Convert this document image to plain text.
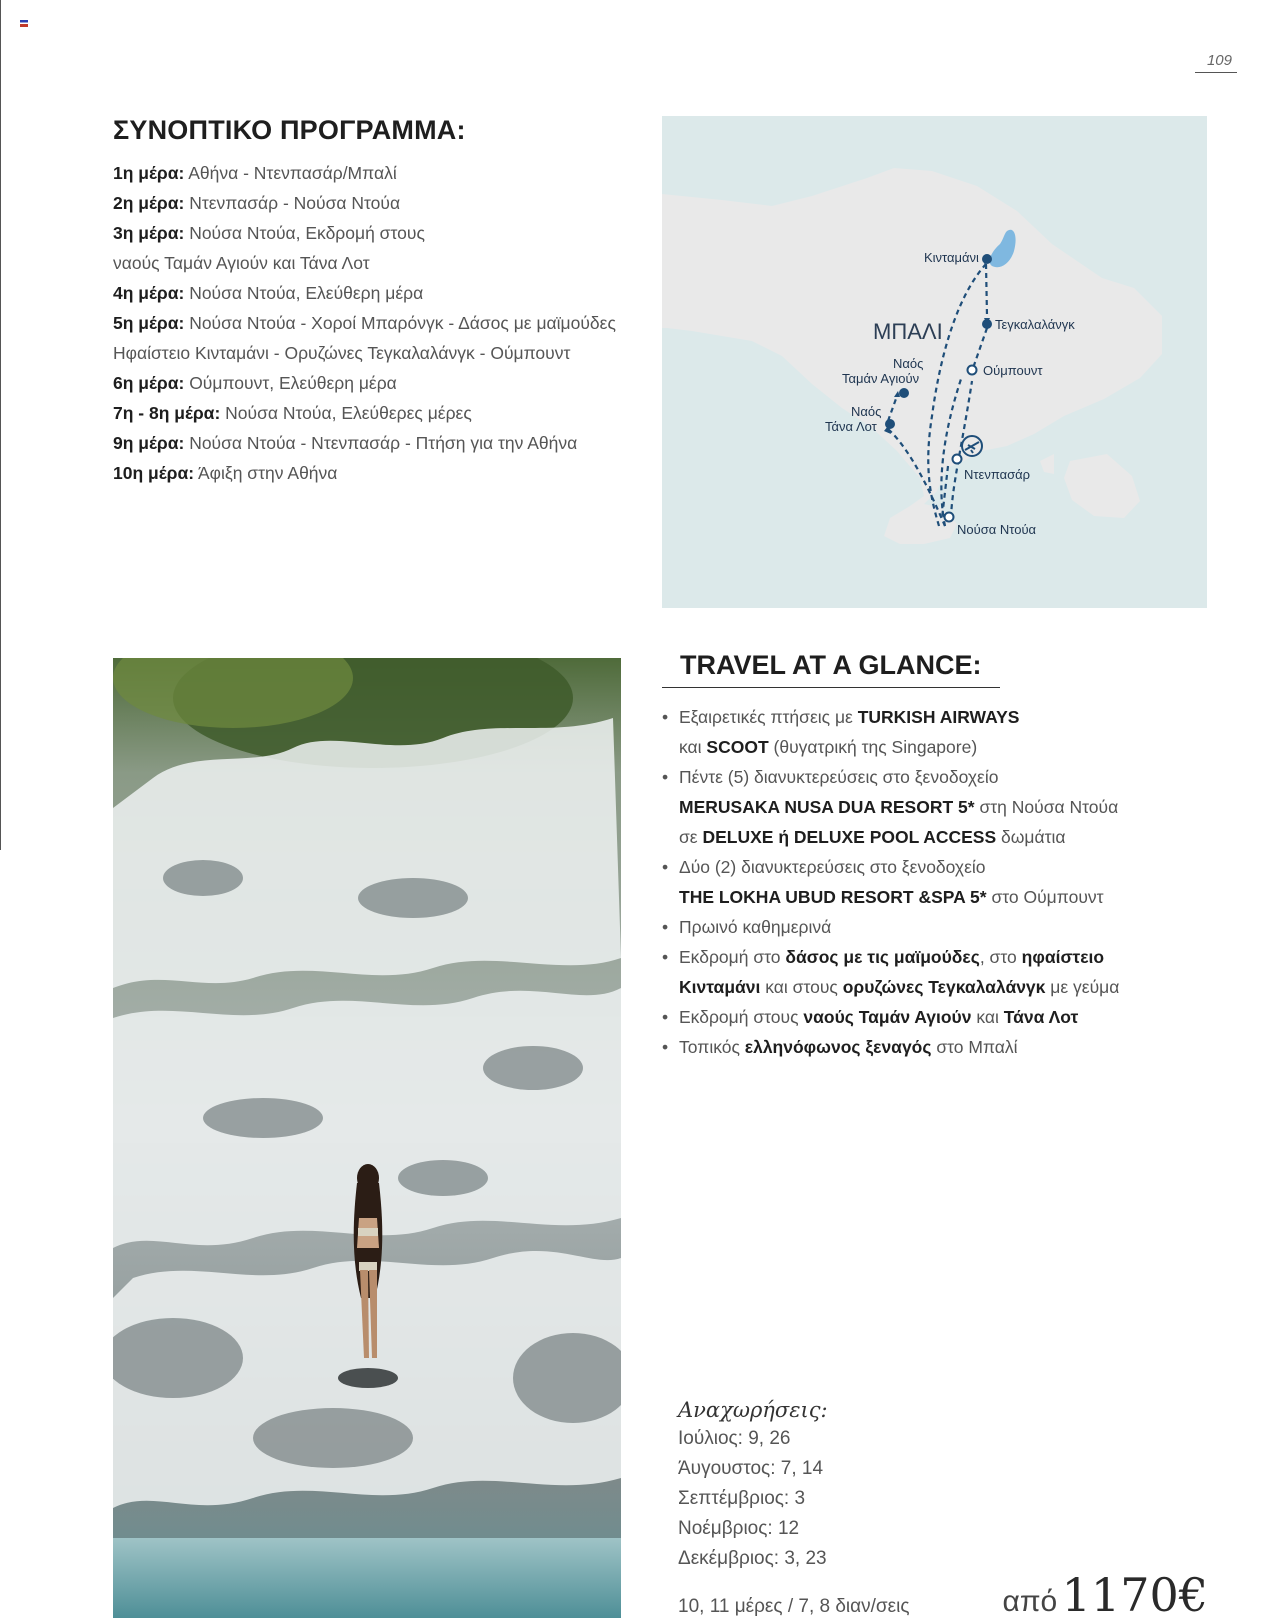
109
ΣΥΝΟΠΤΙΚΟ ΠΡΟΓΡΑΜΜΑ:
1η μέρα: Αθήνα - Ντενπασάρ/Μπαλί
2η μέρα: Ντενπασάρ - Νούσα Ντούα
3η μέρα: Νούσα Ντούα, Εκδρομή στους
ναούς Ταμάν Αγιούν και Τάνα Λοτ
4η μέρα: Νούσα Ντούα, Ελεύθερη μέρα
5η μέρα: Νούσα Ντούα - Χοροί Μπαρόνγκ - Δάσος με μαϊμούδες
Ηφαίστειο Κινταμάνι - Ορυζώνες Τεγκαλαλάνγκ - Ούμπουντ
6η μέρα: Ούμπουντ, Ελεύθερη μέρα
7η - 8η μέρα: Νούσα Ντούα, Ελεύθερες μέρες
9η μέρα: Νούσα Ντούα - Ντενπασάρ - Πτήση για την Αθήνα
10η μέρα: Άφιξη στην Αθήνα
ΜΠΑΛΙ
Κινταμάνι
Τεγκαλαλάνγκ
Ούμπουντ
Ναός
Ταμάν Αγιούν
Ναός
Τάνα Λοτ
Ντενπασάρ
Νούσα Ντούα
TRAVEL AT A GLANCE:
• Εξαιρετικές πτήσεις με TURKISH AIRWAYS
και SCOOT (θυγατρική της Singapore)
• Πέντε (5) διανυκτερεύσεις στο ξενοδοχείο
MERUSAKA NUSA DUA RESORT 5* στη Νούσα Ντούα
σε DELUXE ή DELUXE POOL ACCESS δωμάτια
• Δύο (2) διανυκτερεύσεις στο ξενοδοχείο
THE LOKHA UBUD RESORT &SPA 5* στο Ούμπουντ
• Πρωινό καθημερινά
• Εκδρομή στο δάσος με τις μαϊμούδες, στο ηφαίστειο
Κινταμάνι και στους ορυζώνες Τεγκαλαλάνγκ με γεύμα
• Εκδρομή στους ναούς Ταμάν Αγιούν και Τάνα Λοτ
• Τοπικός ελληνόφωνος ξεναγός στο Μπαλί
Αναχωρήσεις:
Ιούλιος: 9, 26
Άυγουστος: 7, 14
Σεπτέμβριος: 3
Νοέμβριος: 12
Δεκέμβριος: 3, 23
10, 11 μέρες / 7, 8 διαν/σεις	από 1170€
